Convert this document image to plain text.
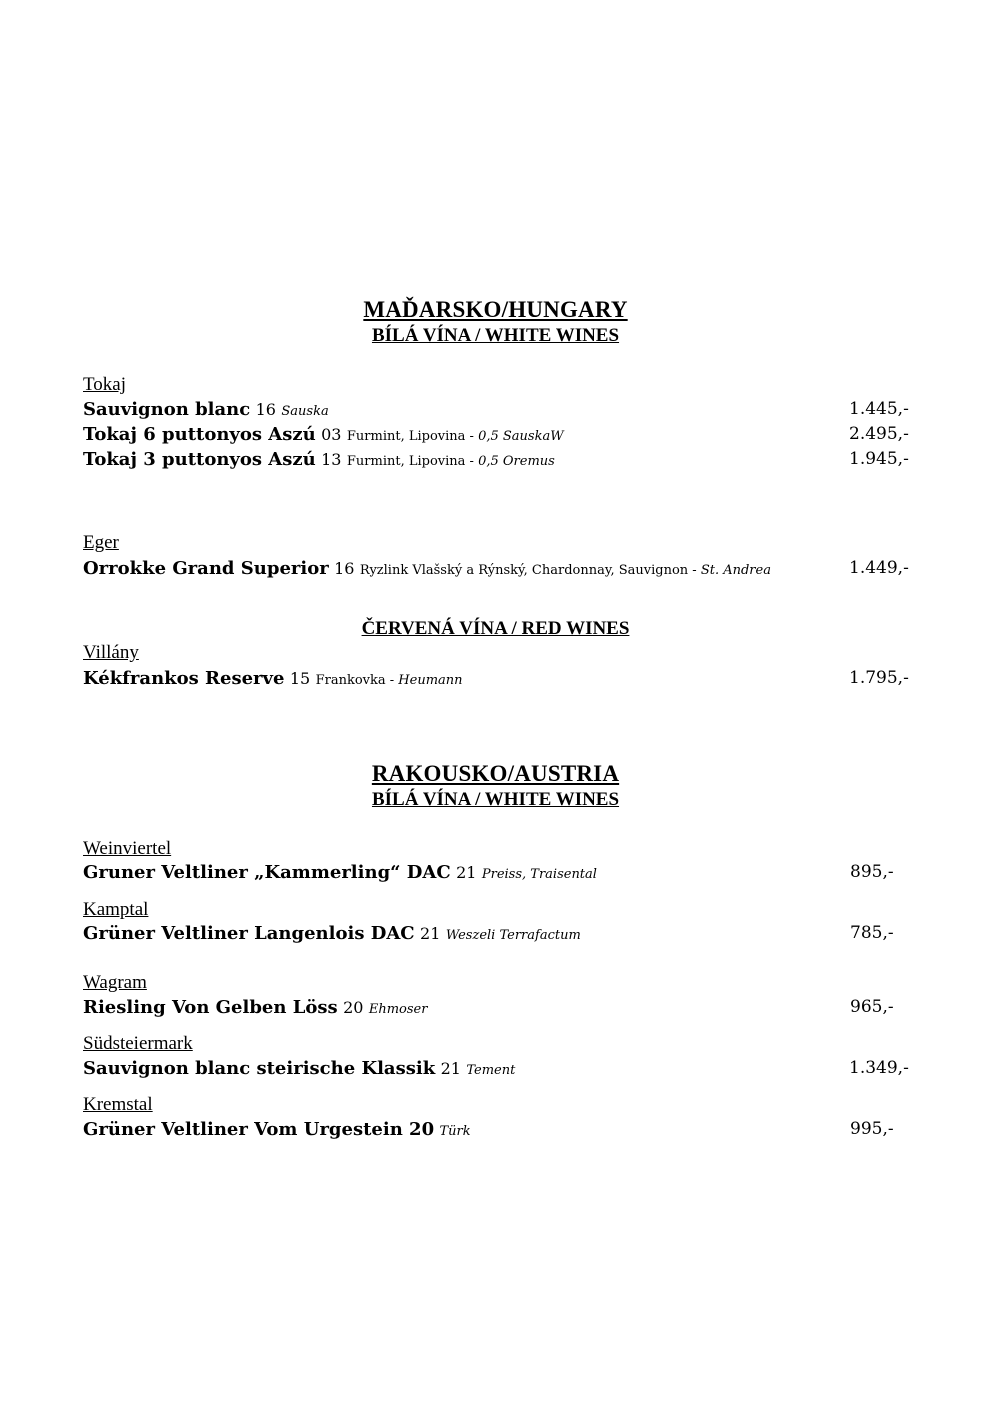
MAĎARSKO/HUNGARY
BÍLÁ VÍNA / WHITE WINES
Tokaj
Sauvignon blanc 16 Sauska	1.445,-
Tokaj 6 puttonyos Aszú 03 Furmint, Lipovina - 0,5 SauskaW	2.495,-
Tokaj 3 puttonyos Aszú 13 Furmint, Lipovina - 0,5 Oremus	1.945,-
Eger
Orrokke Grand Superior 16 Ryzlink Vlašský a Rýnský, Chardonnay, Sauvignon - St. Andrea	1.449,-
ČERVENÁ VÍNA / RED WINES
Villány
Kékfrankos Reserve 15 Frankovka - Heumann	1.795,-
RAKOUSKO/AUSTRIA
BÍLÁ VÍNA / WHITE WINES
Weinviertel
Gruner Veltliner „Kammerling“ DAC 21 Preiss, Traisental	895,-
Kamptal
Grüner Veltliner Langenlois DAC 21 Weszeli Terrafactum	785,-
Wagram
Riesling Von Gelben Löss 20 Ehmoser	965,-
Südsteiermark
Sauvignon blanc steirische Klassik 21 Tement	1.349,-
Kremstal
Grüner Veltliner Vom Urgestein 20 Türk	995,-
